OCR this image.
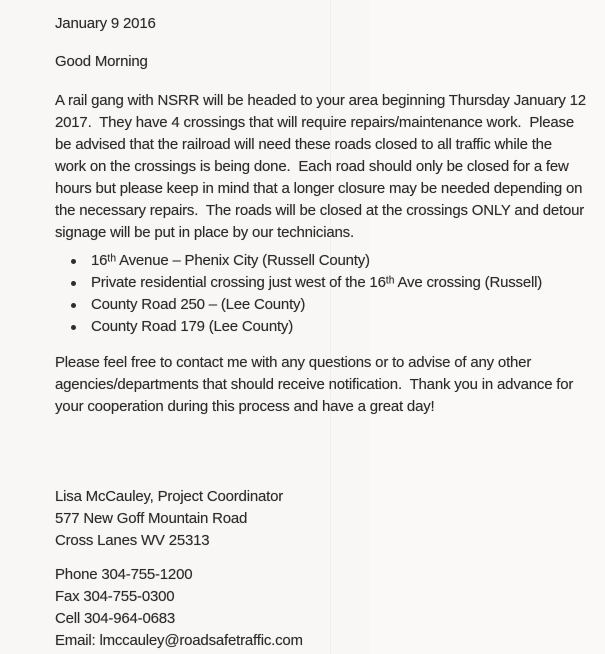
January 9 2016
Good Morning
A rail gang with NSRR will be headed to your area beginning Thursday January 12
2017.  They have 4 crossings that will require repairs/maintenance work.  Please
be advised that the railroad will need these roads closed to all traffic while the
work on the crossings is being done.  Each road should only be closed for a few
hours but please keep in mind that a longer closure may be needed depending on
the necessary repairs.  The roads will be closed at the crossings ONLY and detour
signage will be put in place by our technicians.
16ᵗʰ Avenue – Phenix City (Russell County)
Private residential crossing just west of the 16ᵗʰ Ave crossing (Russell)
County Road 250 – (Lee County)
County Road 179 (Lee County)
Please feel free to contact me with any questions or to advise of any other
agencies/departments that should receive notification.  Thank you in advance for
your cooperation during this process and have a great day!
Lisa McCauley, Project Coordinator
577 New Goff Mountain Road
Cross Lanes WV 25313
Phone 304-755-1200
Fax 304-755-0300
Cell 304-964-0683
Email: lmccauley@roadsafetraffic.com
